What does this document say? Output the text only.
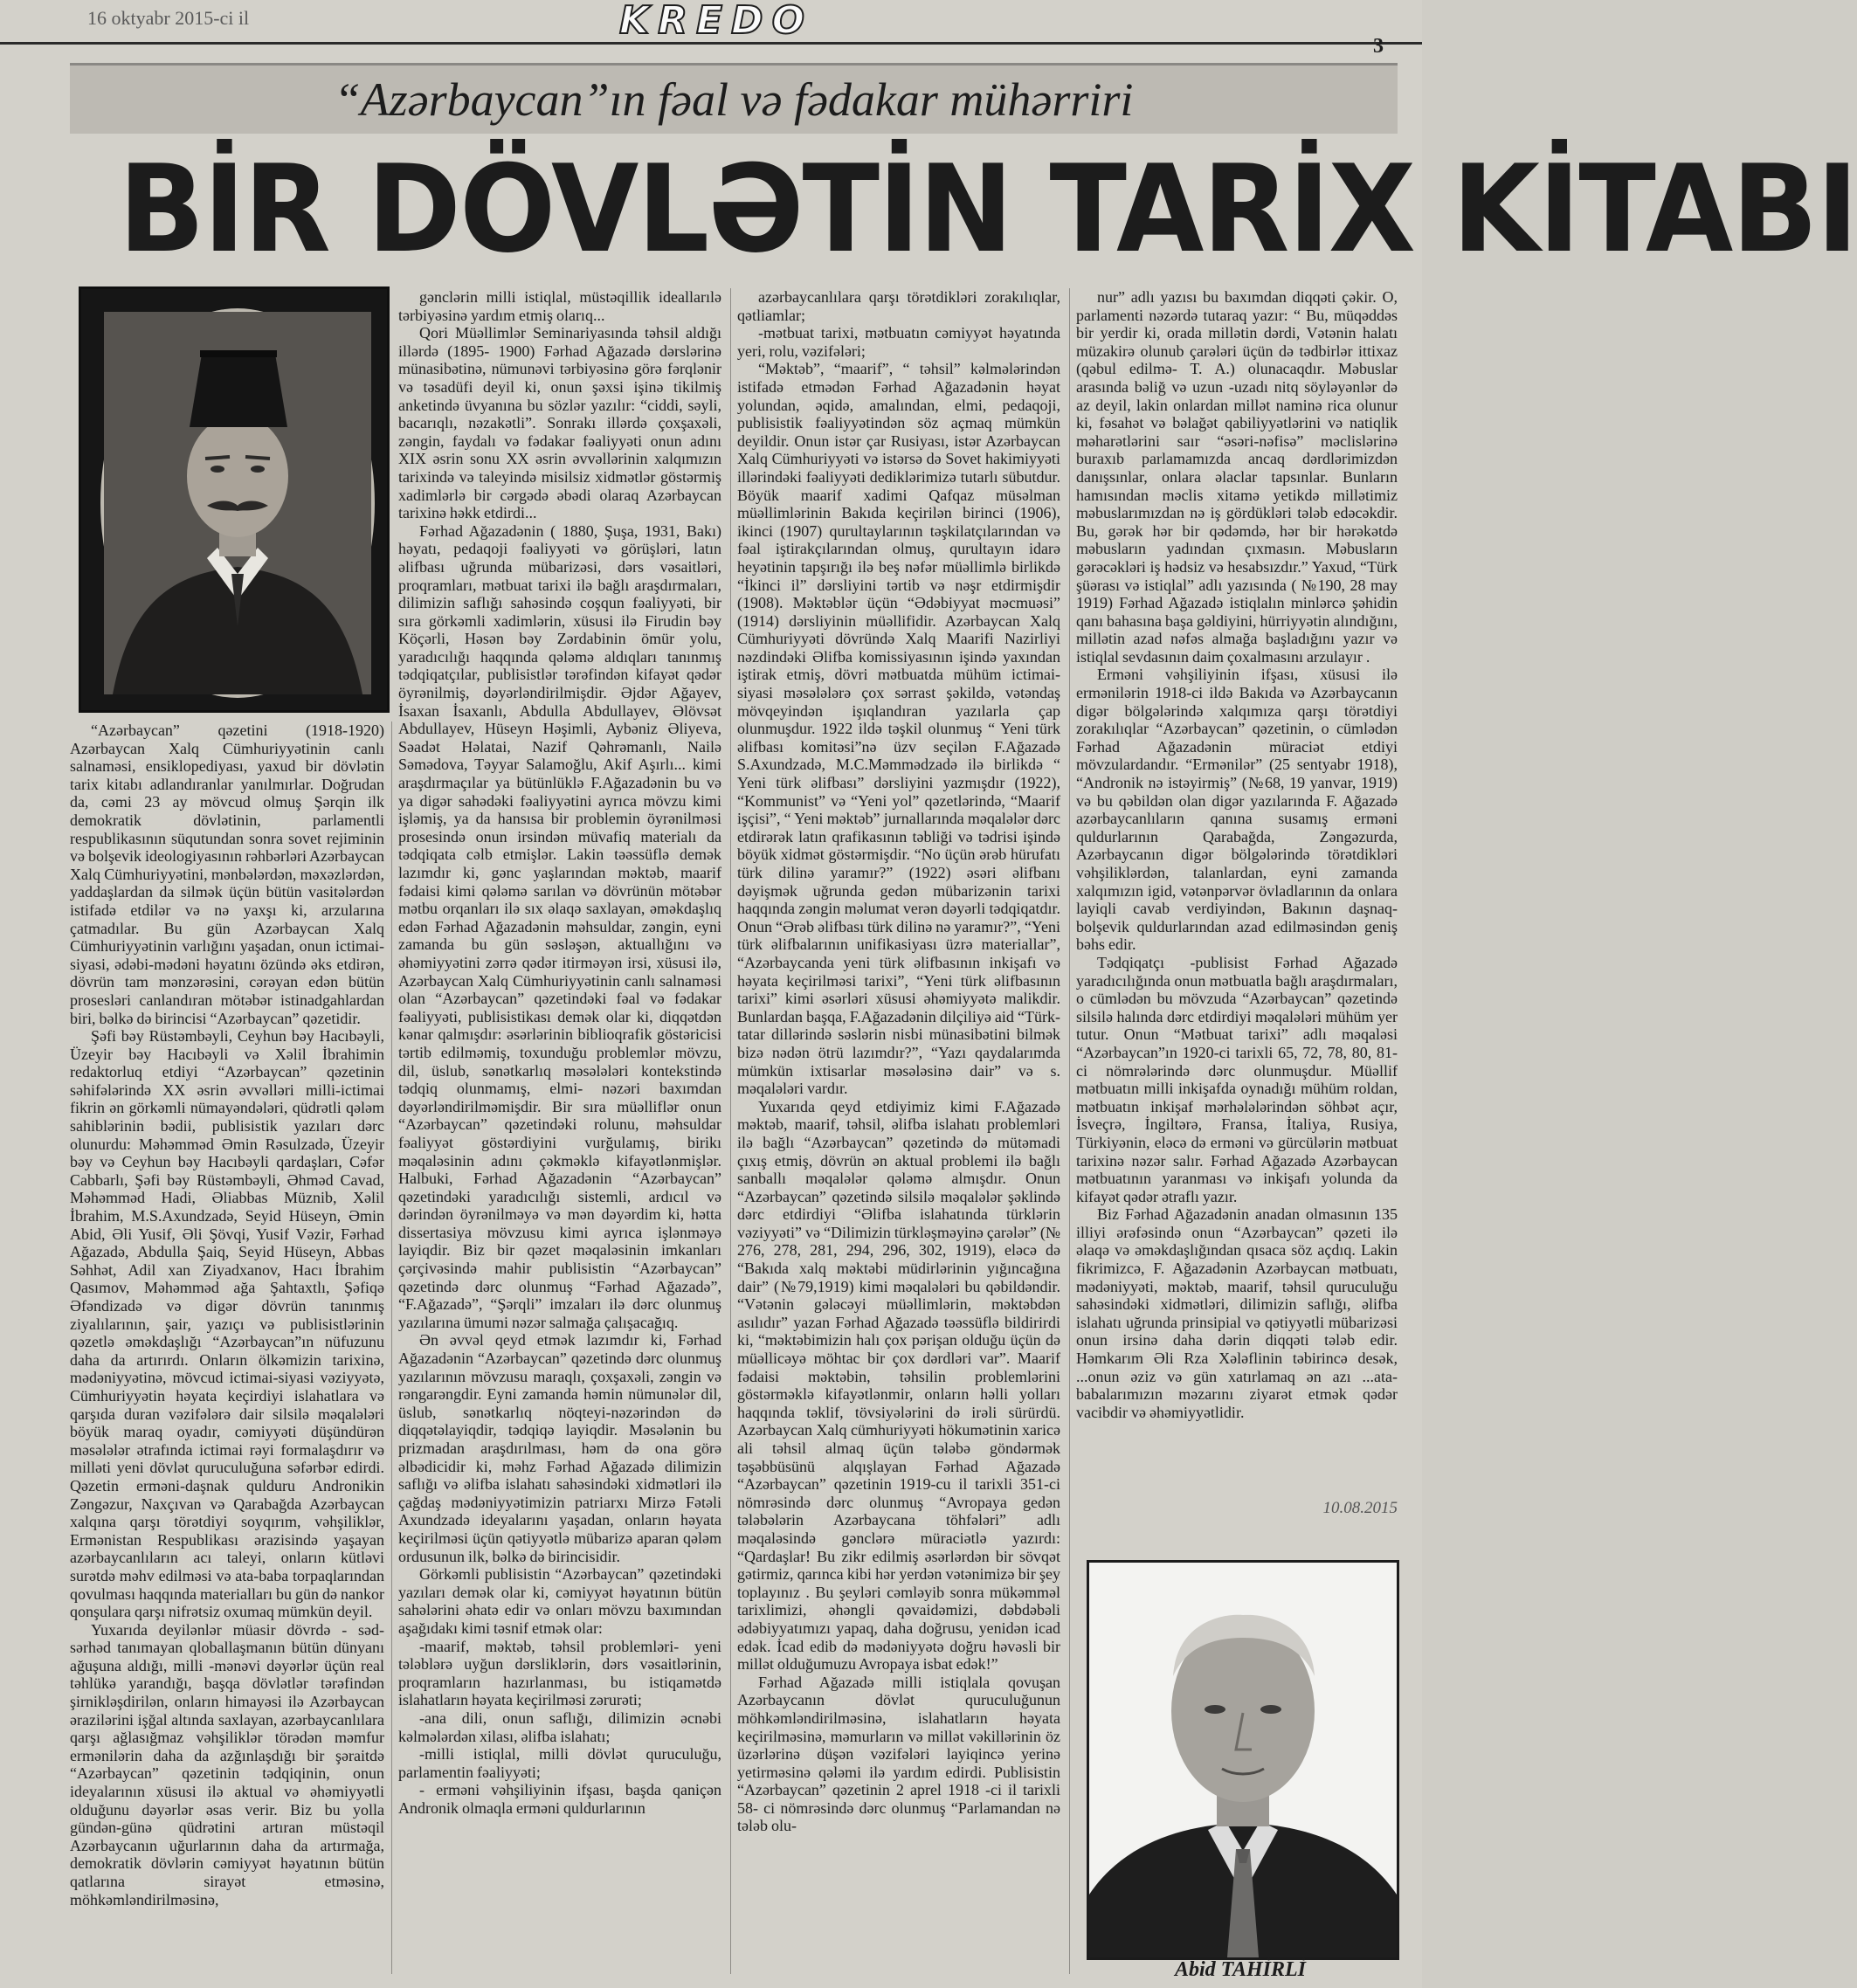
16 oktyabr 2015-ci il	KREDO
3
“Azərbaycan”ın fəal və fədakar mühərriri
BİR DÖVLƏTİN TARİX KİTABI

“Azərbaycan” qəzetini (1918-1920) Azərbaycan Xalq Cümhuriyyətinin canlı salnaməsi, ensiklopediyası, yaxud bir dövlətin tarix kitabı adlandıranlar yanılmırlar. Doğrudan da, cəmi 23 ay mövcud olmuş Şərqin ilk demokratik dövlətinin, parlamentli respublikasının süqutundan sonra sovet rejiminin və bolşevik ideologiyasının rəhbərləri Azərbaycan Xalq Cümhuriyyətini, mənbələrdən, məxəzlərdən, yaddaşlardan da silmək üçün bütün vasitələrdən istifadə etdilər və nə yaxşı ki, arzularına çatmadılar. Bu gün Azərbaycan Xalq Cümhuriyyətinin varlığını yaşadan, onun ictimai-siyasi, ədəbi-mədəni həyatını özündə əks etdirən, dövrün tam mənzərəsini, cərəyan edən bütün prosesləri canlandıran mötəbər istinadgahlardan biri, bəlkə də birincisi “Azərbaycan” qəzetidir.

Şəfi bəy Rüstəmbəyli, Ceyhun bəy Hacıbəyli, Üzeyir bəy Hacıbəyli və Xəlil İbrahimin redaktorluq etdiyi “Azərbaycan” qəzetinin səhifələrində XX əsrin əvvəlləri milli-ictimai fikrin ən görkəmli nümayəndələri, qüdrətli qələm sahiblərinin bədii, publisistik yazıları dərc olunurdu: Məhəmməd Əmin Rəsulzadə, Üzeyir bəy və Ceyhun bəy Hacıbəyli qardaşları, Cəfər Cabbarlı, Şəfi bəy Rüstəmbəyli, Əhməd Cavad, Məhəmməd Hadi, Əliabbas Müznib, Xəlil İbrahim, M.S.Axundzadə, Seyid Hüseyn, Əmin Abid, Əli Yusif, Əli Şövqi, Yusif Vəzir, Fərhad Ağazadə, Abdulla Şaiq, Seyid Hüseyn, Abbas Səhhət, Adil xan Ziyadxanov, Hacı İbrahim Qasımov, Məhəmməd ağa Şahtaxtlı, Şəfiqə Əfəndizadə və digər dövrün tanınmış ziyalılarının, şair, yazıçı və publisistlərinin qəzetlə əməkdaşlığı “Azərbaycan”ın nüfuzunu daha da artırırdı. Onların ölkəmizin tarixinə, mədəniyyətinə, mövcud ictimai-siyasi vəziyyətə, Cümhuriyyətin həyata keçirdiyi islahatlara və qarşıda duran vəzifələrə dair silsilə məqalələri böyük maraq oyadır, cəmiyyəti düşündürən məsələlər ətrafında ictimai rəyi formalaşdırır və milləti yeni dövlət quruculuğuna səfərbər edirdi. Qəzetin erməni-daşnak qulduru Andronikin Zəngəzur, Naxçıvan və Qarabağda Azərbaycan xalqına qarşı törətdiyi soyqırım, vəhşiliklər, Ermənistan Respublikası ərazisində yaşayan azərbaycanlıların acı taleyi, onların kütləvi surətdə məhv edilməsi və ata-baba torpaqlarından qovulması haqqında materialları bu gün də nankor qonşulara qarşı nifrətsiz oxumaq mümkün deyil.

Yuxarıda deyilənlər müasir dövrdə - səd-sərhəd tanımayan qloballaşmanın bütün dünyanı ağuşuna aldığı, milli -mənəvi dəyərlər üçün real təhlükə yarandığı, başqa dövlətlər tərəfindən şirnikləşdirilən, onların himayəsi ilə Azərbaycan ərazilərini işğal altında saxlayan, azərbaycanlılara qarşı ağlasığmaz vəhşiliklər törədən məmfur ermənilərin daha da azğınlaşdığı bir şəraitdə “Azərbaycan” qəzetinin tədqiqinin, onun ideyalarının xüsusi ilə aktual və əhəmiyyətli olduğunu dəyərlər əsas verir. Biz bu yolla gündən-günə qüdrətini artıran müstəqil Azərbaycanın uğurlarının daha da artırmağa, demokratik dövlərin cəmiyyət həyatının bütün qatlarına sirayət etməsinə, möhkəmləndirilməsinə,

gənclərin milli istiqlal, müstəqillik ideallarılə tərbiyəsinə yardım etmiş olarıq...

Qori Müəllimlər Seminariyasında təhsil aldığı illərdə (1895- 1900) Fərhad Ağazadə dərslərinə münasibətinə, nümunəvi tərbiyəsinə görə fərqlənir və təsadüfi deyil ki, onun şəxsi işinə tikilmiş anketində üvyanına bu sözlər yazılır: “ciddi, səyli, bacarıqlı, nəzakətli”. Sonrakı illərdə çoxşaxəli, zəngin, faydalı və fədakar fəaliyyəti onun adını XIX əsrin sonu XX əsrin əvvəllərinin xalqımızın tarixində və taleyində misilsiz xidmətlər göstərmiş xadimlərlə bir cərgədə əbədi olaraq Azərbaycan tarixinə həkk etdirdi...

Fərhad Ağazadənin ( 1880, Şuşa, 1931, Bakı) həyatı, pedaqoji fəaliyyəti və görüşləri, latın əlifbası uğrunda mübarizəsi, dərs vəsaitləri, proqramları, mətbuat tarixi ilə bağlı araşdırmaları, dilimizin saflığı sahəsində coşqun fəaliyyəti, bir sıra görkəmli xadimlərin, xüsusi ilə Firudin bəy Köçərli, Həsən bəy Zərdabinin ömür yolu, yaradıcılığı haqqında qələmə aldıqları tanınmış tədqiqatçılar, publisistlər tərəfindən kifayət qədər öyrənilmiş, dəyərləndirilmişdir. Əjdər Ağayev, İsaxan İsaxanlı, Abdulla Abdullayev, Əlövsət Abdullayev, Hüseyn Həşimli, Aybəniz Əliyeva, Səadət Həlatai, Nazif Qəhrəmanlı, Nailə Səmədova, Təyyar Salamoğlu, Akif Aşırlı... kimi araşdırmaçılar ya bütünlüklə F.Ağazadənin bu və ya digər sahədəki fəaliyyətini ayrıca mövzu kimi işləmiş, ya da hansısa bir problemin öyrənilməsi prosesində onun irsindən müvafiq materialı da tədqiqata cəlb etmişlər. Lakin təəssüflə demək lazımdır ki, gənc yaşlarından məktəb, maarif fədaisi kimi qələmə sarılan və dövrünün mötəbər mətbu orqanları ilə sıx əlaqə saxlayan, əməkdaşlıq edən Fərhad Ağazadənin məhsuldar, zəngin, eyni zamanda bu gün səsləşən, aktuallığını və əhəmiyyətini zərrə qədər itirməyən irsi, xüsusi ilə, Azərbaycan Xalq Cümhuriyyətinin canlı salnaməsi olan “Azərbaycan” qəzetindəki fəal və fədakar fəaliyyəti, publisistikası demək olar ki, diqqətdən kənar qalmışdır: əsərlərinin biblioqrafik göstəricisi tərtib edilməmiş, toxunduğu problemlər mövzu, dil, üslub, sənətkarlıq məsələləri kontekstində tədqiq olunmamış, elmi- nəzəri baxımdan dəyərləndirilməmişdir. Bir sıra müəlliflər onun “Azərbaycan” qəzetindəki rolunu, məhsuldar fəaliyyət göstərdiyini vurğulamış, birikı məqaləsinin adını çəkməklə kifayətlənmişlər. Halbuki, Fərhad Ağazadənin “Azərbaycan” qəzetindəki yaradıcılığı sistemli, ardıcıl və dərindən öyrənilməyə və mən dəyərdim ki, hətta dissertasiya mövzusu kimi ayrıca işlənməyə layiqdir. Biz bir qəzet məqaləsinin imkanları çərçivəsində mahir publisistin “Azərbaycan” qəzetində dərc olunmuş “Fərhad Ağazadə”, “F.Ağazadə”, “Şərqli” imzaları ilə dərc olunmuş yazılarına ümumi nəzər salmağa çalışacağıq.

Ən əvvəl qeyd etmək lazımdır ki, Fərhad Ağazadənin “Azərbaycan” qəzetində dərc olunmuş yazılarının mövzusu maraqlı, çoxşaxəli, zəngin və rəngarəngdir. Eyni zamanda həmin nümunələr dil, üslub, sənətkarlıq nöqteyi-nəzərindən də diqqətəlayiqdir, tədqiqə layiqdir. Məsələnin bu prizmadan araşdırılması, həm də ona görə əlbədicidir ki, məhz Fərhad Ağazadə dilimizin saflığı və əlifba islahatı sahəsindəki xidmətləri ilə çağdaş mədəniyyətimizin patriarxı Mirzə Fətəli Axundzadə ideyalarını yaşadan, onların həyata keçirilməsi üçün qətiyyətlə mübarizə aparan qələm ordusunun ilk, bəlkə də birincisidir.

Görkəmli publisistin “Azərbaycan” qəzetindəki yazıları demək olar ki, cəmiyyət həyatının bütün sahələrini əhatə edir və onları mövzu baxımından aşağıdakı kimi təsnif etmək olar:

-maarif, məktəb, təhsil problemləri- yeni tələblərə uyğun dərsliklərin, dərs vəsaitlərinin, proqramların hazırlanması, bu istiqamətdə islahatların həyata keçirilməsi zərurəti;

-ana dili, onun saflığı, dilimizin əcnəbi kəlmələrdən xilası, əlifba islahatı;

-milli istiqlal, milli dövlət quruculuğu, parlamentin fəaliyyəti;

- erməni vəhşiliyinin ifşası, başda qaniçən Andronik olmaqla erməni quldurlarının

azərbaycanlılara qarşı törətdikləri zorakılıqlar, qətliamlar;

-mətbuat tarixi, mətbuatın cəmiyyət həyatında yeri, rolu, vəzifələri;

“Məktəb”, “maarif”, “ təhsil” kəlmələrindən istifadə etmədən Fərhad Ağazadənin həyat yolundan, əqidə, amalından, elmi, pedaqoji, publisistik fəaliyyətindən söz açmaq mümkün deyildir. Onun istər çar Rusiyası, istər Azərbaycan Xalq Cümhuriyyəti və istərsə də Sovet hakimiyyəti illərindəki fəaliyyəti dediklərimizə tutarlı sübutdur. Böyük maarif xadimi Qafqaz müsəlman müəllimlərinin Bakıda keçirilən birinci (1906), ikinci (1907) qurultaylarının təşkilatçılarından və fəal iştirakçılarından olmuş, qurultayın idarə heyətinin tapşırığı ilə beş nəfər müəllimlə birlikdə “İkinci il” dərsliyini tərtib və nəşr etdirmişdir (1908). Məktəblər üçün “Ədəbiyyat məcmuəsi” (1914) dərsliyinin müəllifidir. Azərbaycan Xalq Cümhuriyyəti dövründə Xalq Maarifi Nazirliyi nəzdindəki Əlifba komissiyasının işində yaxından iştirak etmiş, dövri mətbuatda mühüm ictimai-siyasi məsələlərə çox sərrast şəkildə, vətəndaş mövqeyindən işıqlandıran yazılarla çap olunmuşdur. 1922 ildə təşkil olunmuş “ Yeni türk əlifbası komitəsi”nə üzv seçilən F.Ağazadə S.Axundzadə, M.C.Məmmədzadə ilə birlikdə “ Yeni türk əlifbası” dərsliyini yazmışdır (1922), “Kommunist” və “Yeni yol” qəzetlərində, “Maarif işçisi”, “ Yeni məktəb” jurnallarında məqalələr dərc etdirərək latın qrafikasının təbliği və tədrisi işində böyük xidmət göstərmişdir. “No üçün ərəb hürufatı türk dilinə yaramır?” (1922) əsəri əlifbanı dəyişmək uğrunda gedən mübarizənin tarixi haqqında zəngin məlumat verən dəyərli tədqiqatdır. Onun “Ərəb əlifbası türk dilinə nə yaramır?”, “Yeni türk əlifbalarının unifikasiyası üzrə materiallar”, “Azərbaycanda yeni türk əlifbasının inkişafı və həyata keçirilməsi tarixi”, “Yeni türk əlifbasının tarixi” kimi əsərləri xüsusi əhəmiyyətə malikdir. Bunlardan başqa, F.Ağazadənin dilçiliyə aid “Türk-tatar dillərində səslərin nisbi münasibətini bilmək bizə nədən ötrü lazımdır?”, “Yazı qaydalarımda mümkün ixtisarlar məsələsinə dair” və s. məqalələri vardır.

Yuxarıda qeyd etdiyimiz kimi F.Ağazadə məktəb, maarif, təhsil, əlifba islahatı problemləri ilə bağlı “Azərbaycan” qəzetində də mütəmadi çıxış etmiş, dövrün ən aktual problemi ilə bağlı sanballı məqalələr qələmə almışdır. Onun “Azərbaycan” qəzetində silsilə məqalələr şəklində dərc etdirdiyi “Əlifba islahatında türklərin vəziyyəti” və “Dilimizin türkləşməyinə çarələr” (№ 276, 278, 281, 294, 296, 302, 1919), eləcə də “Bakıda xalq məktəbi müdirlərinin yığıncağına dair” (№79,1919) kimi məqalələri bu qəbildəndir. “Vətənin gələcəyi müəllimlərin, məktəbdən asılıdır” yazan Fərhad Ağazadə təəssüflə bildirirdi ki, “məktəbimizin halı çox pərişan olduğu üçün də müəllicəyə möhtac bir çox dərdləri var”. Maarif fədaisi məktəbin, təhsilin problemlərini göstərməklə kifayətlənmir, onların həlli yolları haqqında təklif, tövsiyələrini də irəli sürürdü. Azərbaycan Xalq cümhuriyyəti hökumətinin xaricə ali təhsil almaq üçün tələbə göndərmək təşəbbüsünü alqışlayan Fərhad Ağazadə “Azərbaycan” qəzetinin 1919-cu il tarixli 351-ci nömrəsində dərc olunmuş “Avropaya gedən tələbələrin Azərbaycana töhfələri” adlı məqaləsində gənclərə müraciətlə yazırdı: “Qardaşlar! Bu zikr edilmiş əsərlərdən bir sövqət gətirmiz, qarınca kibi hər yerdən vətənimizə bir şey toplayınız . Bu şeyləri cəmləyib sonra mükəmməl tarixlimizi, əhəngli qəvaidəmizi, dəbdəbəli ədəbiyyatımızı yapaq, daha doğrusu, yenidən icad edək. İcad edib də mədəniyyətə doğru həvəsli bir millət olduğumuzu Avropaya isbat edək!”

Fərhad Ağazadə milli istiqlala qovuşan Azərbaycanın dövlət quruculuğunun möhkəmləndirilməsinə, islahatların həyata keçirilməsinə, məmurların və millət vəkillərinin öz üzərlərinə düşən vəzifələri layiqincə yerinə yetirməsinə qələmi ilə yardım edirdi. Publisistin “Azərbaycan” qəzetinin 2 aprel 1918 -ci il tarixli 58- ci nömrəsində dərc olunmuş “Parlamandan nə tələb olu-

nur” adlı yazısı bu baxımdan diqqəti çəkir. O, parlamenti nəzərdə tutaraq yazır: “ Bu, müqəddəs bir yerdir ki, orada millətin dərdi, Vətənin halatı müzakirə olunub çarələri üçün də tədbirlər ittixaz (qəbul edilmə- T. A.) olunacaqdır. Məbuslar arasında bəliğ və uzun -uzadı nitq söyləyənlər də az deyil, lakin onlardan millət naminə rica olunur ki, fəsahət və bəlağət qabiliyyətlərini və natiqlik məharətlərini saır “əsəri-nəfisə” məclislərinə buraxıb parlamamızda ancaq dərdlərimizdən danışsınlar, onlara əlaclar tapsınlar. Bunların hamısından məclis xitamə yetikdə millətimiz məbuslarımızdan nə iş gördükləri tələb edəcəkdir. Bu, gərək hər bir qədəmdə, hər bir hərəkətdə məbusların yadından çıxmasın. Məbusların gərəcəkləri iş hədsiz və hesabsızdır.” Yaxud, “Türk şüərası və istiqlal” adlı yazısında ( №190, 28 may 1919) Fərhad Ağazadə istiqlalın minlərcə şəhidin qanı bahasına başa gəldiyini, hürriyyətin alındığını, millətin azad nəfəs almağa başladığını yazır və istiqlal sevdasının daim çoxalmasını arzulayır .

Erməni vəhşiliyinin ifşası, xüsusi ilə ermənilərin 1918-ci ildə Bakıda və Azərbaycanın digər bölgələrində xalqımıza qarşı törətdiyi zorakılıqlar “Azərbaycan” qəzetinin, o cümlədən Fərhad Ağazadənin müraciət etdiyi mövzulardandır. “Ermənilər” (25 sentyabr 1918), “Andronik nə istəyirmiş” (№68, 19 yanvar, 1919) və bu qəbildən olan digər yazılarında F. Ağazadə azərbaycanlıların qanına susamış erməni quldurlarının Qarabağda, Zəngəzurda, Azərbaycanın digər bölgələrində törətdikləri vəhşiliklərdən, talanlardan, eyni zamanda xalqımızın igid, vətənpərvər övladlarının da onlara layiqli cavab verdiyindən, Bakının daşnaq- bolşevik quldurlarından azad edilməsindən geniş bəhs edir.

Tədqiqatçı -publisist Fərhad Ağazadə yaradıcılığında onun mətbuatla bağlı araşdırmaları, o cümlədən bu mövzuda “Azərbaycan” qəzetində silsilə halında dərc etdirdiyi məqalələri mühüm yer tutur. Onun “Mətbuat tarixi” adlı məqaləsi “Azərbaycan”ın 1920-ci tarixli 65, 72, 78, 80, 81-ci nömrələrində dərc olunmuşdur. Müəllif mətbuatın milli inkişafda oynadığı mühüm roldan, mətbuatın inkişaf mərhələlərindən söhbət açır, İsveçrə, İngiltərə, Fransa, İtaliya, Rusiya, Türkiyənin, eləcə də erməni və gürcülərin mətbuat tarixinə nəzər salır. Fərhad Ağazadə Azərbaycan mətbuatının yaranması və inkişafı yolunda da kifayət qədər ətraflı yazır.

Biz Fərhad Ağazadənin anadan olmasının 135 illiyi ərəfəsində onun “Azərbaycan” qəzeti ilə əlaqə və əməkdaşlığından qısaca söz açdıq. Lakin fikrimizcə, F. Ağazadənin Azərbaycan mətbuatı, mədəniyyəti, məktəb, maarif, təhsil quruculuğu sahəsindəki xidmətləri, dilimizin saflığı, əlifba islahatı uğrunda prinsipial və qətiyyətli mübarizəsi onun irsinə daha dərin diqqəti tələb edir. Həmkarım Əli Rza Xələflinin təbirincə desək, ...onun əziz və gün xatırlamaq ən azı ...ata-babalarımızın məzarını ziyarət etmək qədər vacibdir və əhəmiyyətlidir.

10.08.2015
Abid TAHİRLİ
